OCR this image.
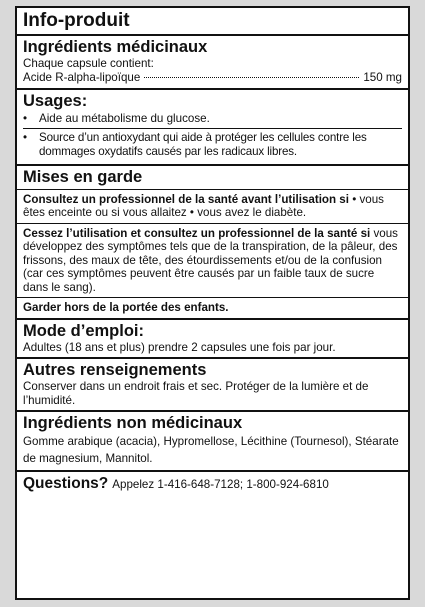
Info-produit
Ingrédients médicinaux
Chaque capsule contient:
Acide R-alpha-lipoïque	150 mg
Usages:
•	Aide au métabolisme du glucose.
•	Source d’un antioxydant qui aide à protéger les cellules contre les dommages oxydatifs causés par les radicaux libres.
Mises en garde
Consultez un professionnel de la santé avant l’utilisation si • vous êtes enceinte ou si vous allaitez • vous avez le diabète.
Cessez l’utilisation et consultez un professionnel de la santé si vous développez des symptômes tels que de la transpiration, de la pâleur, des frissons, des maux de tête, des étourdissements et/ou de la confusion (car ces symptômes peuvent être causés par un faible taux de sucre dans le sang).
Garder hors de la portée des enfants.
Mode d’emploi:
Adultes (18 ans et plus) prendre 2 capsules une fois par jour.
Autres renseignements
Conserver dans un endroit frais et sec. Protéger de la lumière et de l’humidité.
Ingrédients non médicinaux
Gomme arabique (acacia), Hypromellose, Lécithine (Tournesol), Stéarate de magnesium, Mannitol.
Questions? Appelez 1-416-648-7128; 1-800-924-6810
